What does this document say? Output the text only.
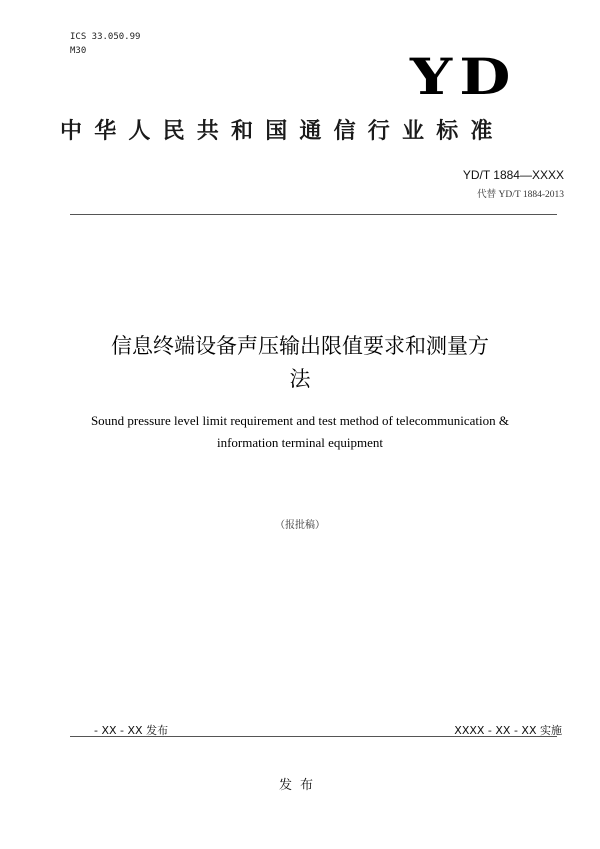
ICS 33.050.99
M30	YD
中华人民共和国通信行业标准
YD/T 1884—XXXX
代替 YD/T 1884-2013
信息终端设备声压输出限值要求和测量方
法
Sound pressure level limit requirement and test method of telecommunication &
information terminal equipment
（报批稿）
- XX - XX 发布	XXXX - XX - XX 实施
发布
